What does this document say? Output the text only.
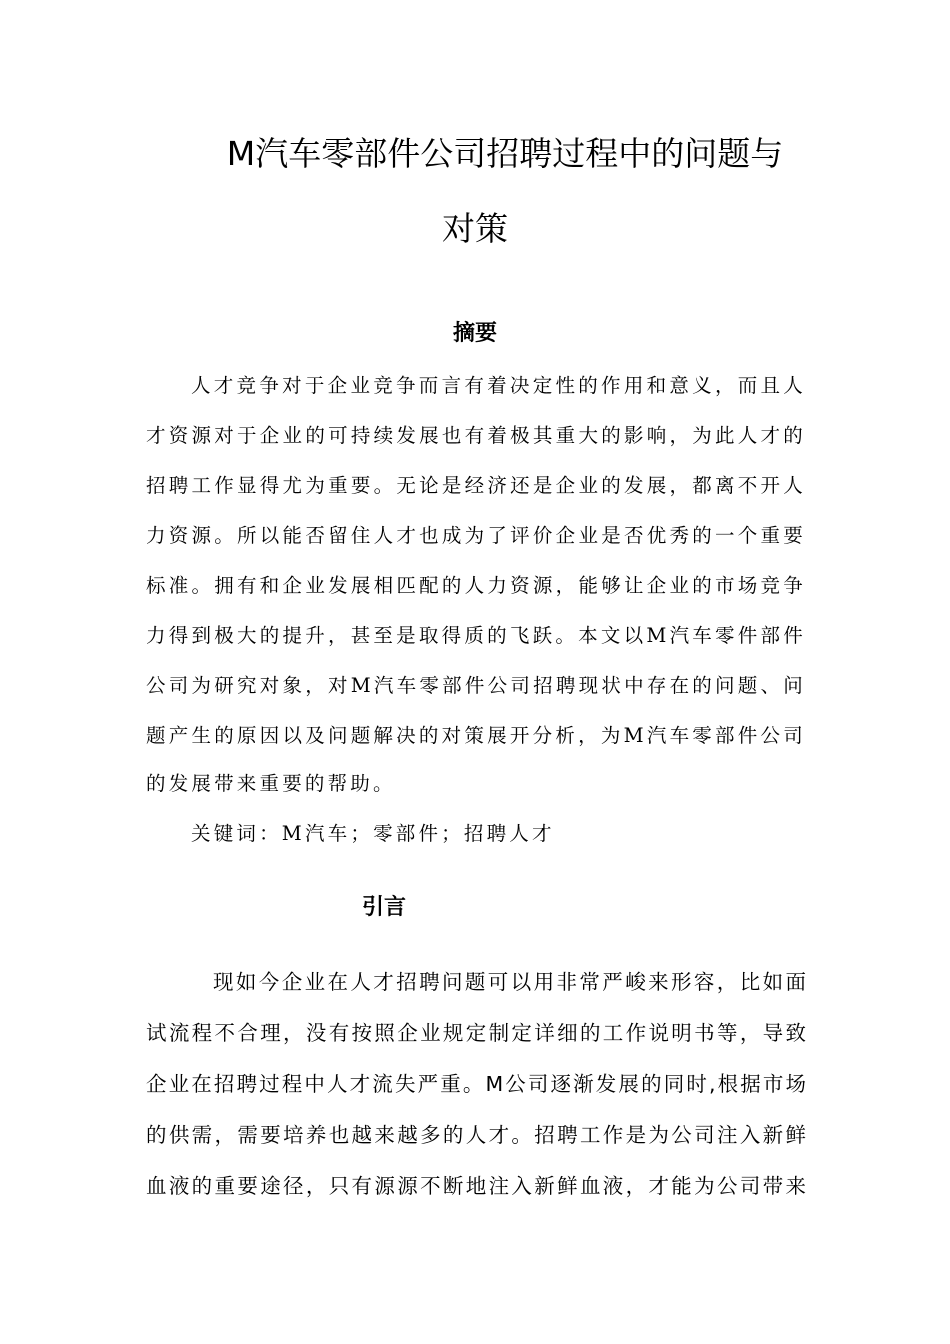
M汽车零部件公司招聘过程中的问题与
对策
摘要
人才竞争对于企业竞争而言有着决定性的作用和意义，而且人
才资源对于企业的可持续发展也有着极其重大的影响，为此人才的
招聘工作显得尤为重要。无论是经济还是企业的发展，都离不开人
力资源。所以能否留住人才也成为了评价企业是否优秀的一个重要
标准。拥有和企业发展相匹配的人力资源，能够让企业的市场竞争
力得到极大的提升，甚至是取得质的飞跃。本文以M汽车零件部件
公司为研究对象，对M汽车零部件公司招聘现状中存在的问题、问
题产生的原因以及问题解决的对策展开分析，为M汽车零部件公司
的发展带来重要的帮助。
关键词：M汽车；零部件；招聘人才
引言
现如今企业在人才招聘问题可以用非常严峻来形容，比如面
试流程不合理，没有按照企业规定制定详细的工作说明书等，导致
企业在招聘过程中人才流失严重。M公司逐渐发展的同时,根据市场
的供需，需要培养也越来越多的人才。招聘工作是为公司注入新鲜
血液的重要途径，只有源源不断地注入新鲜血液，才能为公司带来
